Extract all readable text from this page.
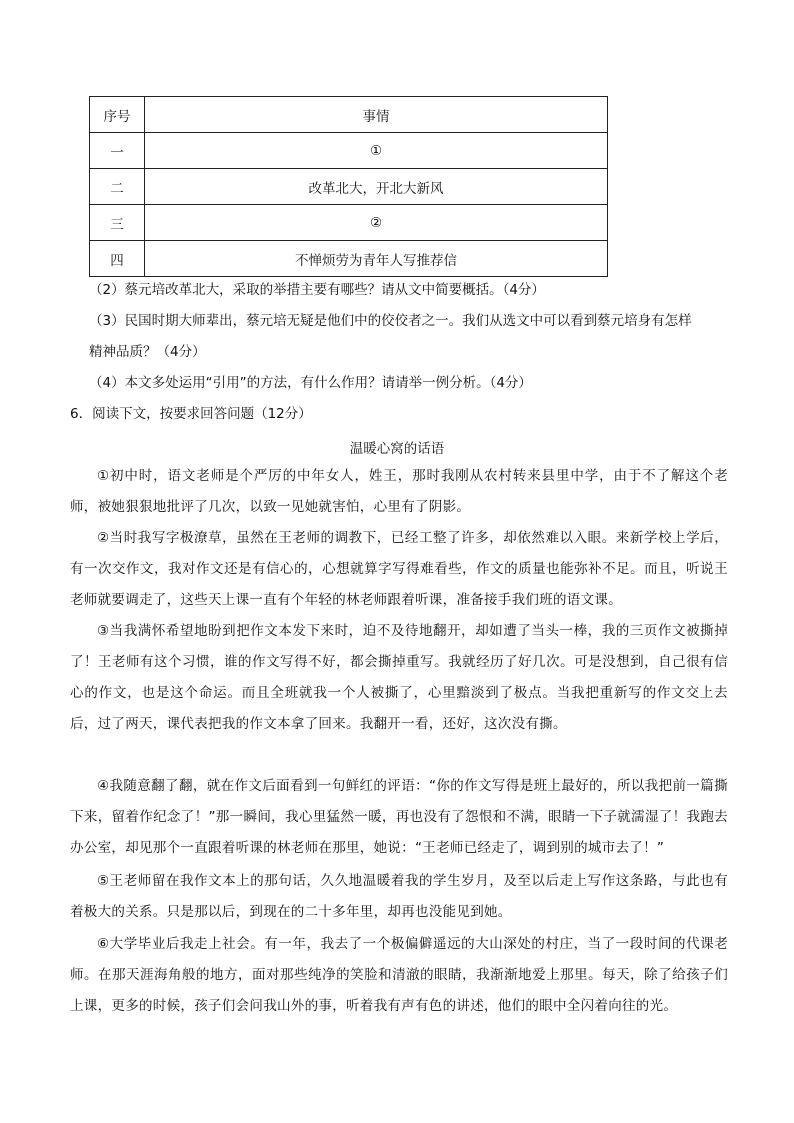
序号	事情
一	①
二	改革北大，开北大新风
三	②
四	不惮烦劳为青年人写推荐信
（2）蔡元培改革北大，采取的举措主要有哪些？请从文中简要概括。（4分）
（3）民国时期大师辈出，蔡元培无疑是他们中的佼佼者之一。我们从选文中可以看到蔡元培身有怎样
精神品质？（4分）
（4）本文多处运用“引用”的方法，有什么作用？请请举一例分析。（4分）
6．阅读下文，按要求回答问题（12分）
温暖心窝的话语
①初中时，语文老师是个严厉的中年女人，姓王，那时我刚从农村转来县里中学，由于不了解这个老师，被她狠狠地批评了几次，以致一见她就害怕，心里有了阴影。
②当时我写字极潦草，虽然在王老师的调教下，已经工整了许多，却依然难以入眼。来新学校上学后，有一次交作文，我对作文还是有信心的，心想就算字写得难看些，作文的质量也能弥补不足。而且，听说王老师就要调走了，这些天上课一直有个年轻的林老师跟着听课，准备接手我们班的语文课。
③当我满怀希望地盼到把作文本发下来时，迫不及待地翻开，却如遭了当头一棒，我的三页作文被撕掉了！王老师有这个习惯，谁的作文写得不好，都会撕掉重写。我就经历了好几次。可是没想到，自己很有信心的作文，也是这个命运。而且全班就我一个人被撕了，心里黯淡到了极点。当我把重新写的作文交上去后，过了两天，课代表把我的作文本拿了回来。我翻开一看，还好，这次没有撕。
④我随意翻了翻，就在作文后面看到一句鲜红的评语：“你的作文写得是班上最好的，所以我把前一篇撕下来，留着作纪念了！”那一瞬间，我心里猛然一暖，再也没有了怨恨和不满，眼睛一下子就濡湿了！我跑去办公室，却见那个一直跟着听课的林老师在那里，她说：“王老师已经走了，调到别的城市去了！”
⑤王老师留在我作文本上的那句话，久久地温暖着我的学生岁月，及至以后走上写作这条路，与此也有着极大的关系。只是那以后，到现在的二十多年里，却再也没能见到她。
⑥大学毕业后我走上社会。有一年，我去了一个极偏僻遥远的大山深处的村庄，当了一段时间的代课老师。在那天涯海角般的地方，面对那些纯净的笑脸和清澈的眼睛，我渐渐地爱上那里。每天，除了给孩子们上课，更多的时候，孩子们会问我山外的事，听着我有声有色的讲述，他们的眼中全闪着向往的光。
